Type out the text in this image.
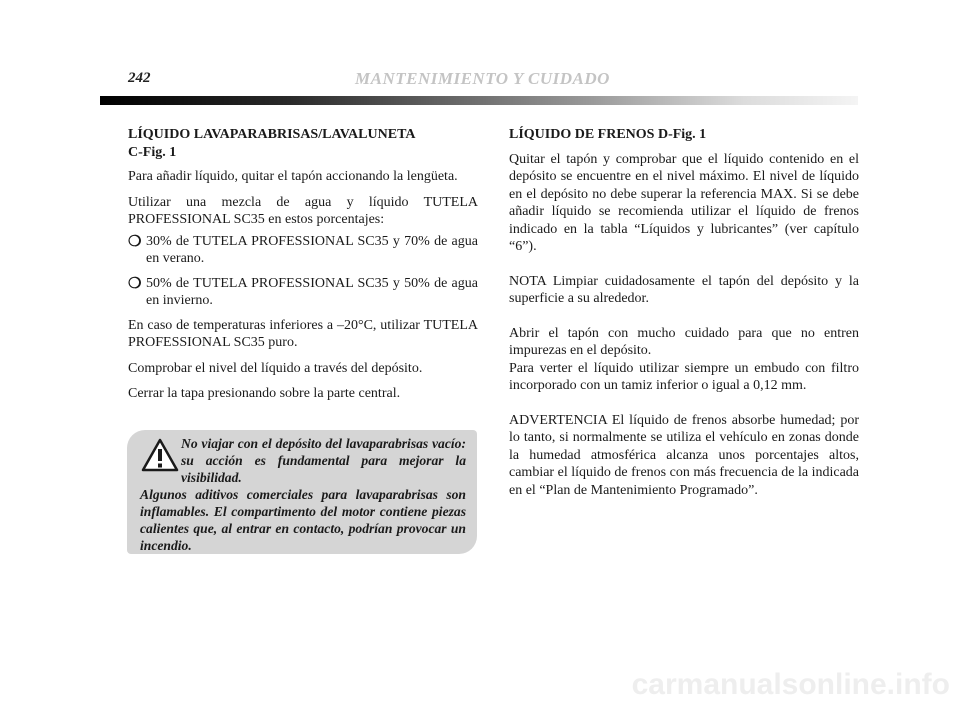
242	MANTENIMIENTO Y CUIDADO

LÍQUIDO LAVAPARABRISAS/LAVALUNETA
C-Fig. 1

Para añadir líquido, quitar el tapón accionando la lengüeta.

Utilizar una mezcla de agua y líquido TUTELA PROFESSIONAL SC35 en estos porcentajes:

❍ 30% de TUTELA PROFESSIONAL SC35 y 70% de agua en verano.
❍ 50% de TUTELA PROFESSIONAL SC35 y 50% de agua en invierno.

En caso de temperaturas inferiores a –20°C, utilizar TUTELA PROFESSIONAL SC35 puro.

Comprobar el nivel del líquido a través del depósito.

Cerrar la tapa presionando sobre la parte central.

No viajar con el depósito del lavaparabrisas vacío: su acción es fundamental para mejorar la visibilidad.
Algunos aditivos comerciales para lavaparabrisas son inflamables. El compartimento del motor contiene piezas calientes que, al entrar en contacto, podrían provocar un incendio.

LÍQUIDO DE FRENOS D-Fig. 1

Quitar el tapón y comprobar que el líquido contenido en el depósito se encuentre en el nivel máximo. El nivel de líquido en el depósito no debe superar la referencia MAX. Si se debe añadir líquido se recomienda utilizar el líquido de frenos indicado en la tabla “Líquidos y lubricantes” (ver capítulo “6”).

NOTA Limpiar cuidadosamente el tapón del depósito y la superficie a su alrededor.

Abrir el tapón con mucho cuidado para que no entren impurezas en el depósito.

Para verter el líquido utilizar siempre un embudo con filtro incorporado con un tamiz inferior o igual a 0,12 mm.

ADVERTENCIA El líquido de frenos absorbe humedad; por lo tanto, si normalmente se utiliza el vehículo en zonas donde la humedad atmosférica alcanza unos porcentajes altos, cambiar el líquido de frenos con más frecuencia de la indicada en el “Plan de Mantenimiento Programado”.

carmanualsonline.info
